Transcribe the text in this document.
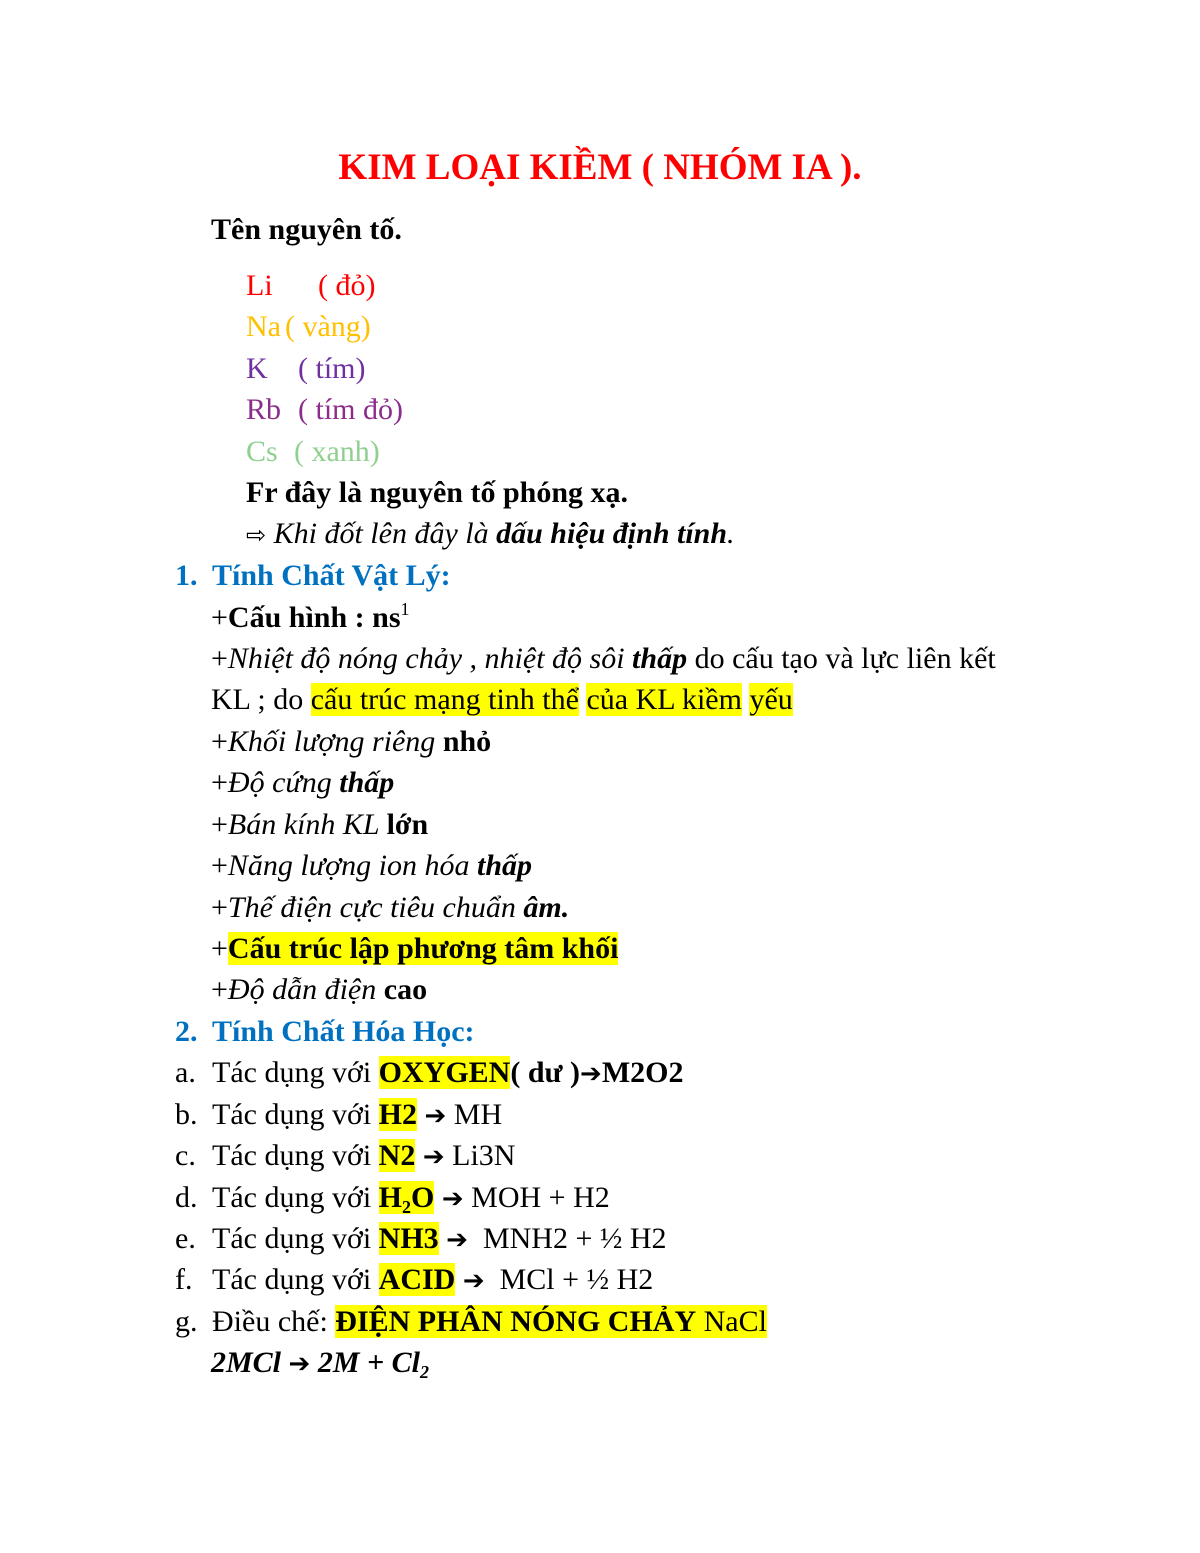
KIM LOẠI KIỀM ( NHÓM IA ).
Tên nguyên tố.
Li ( đỏ)
Na ( vàng)
K ( tím)
Rb ( tím đỏ)
Cs ( xanh)
Fr đây là nguyên tố phóng xạ.
⇨ Khi đốt lên đây là dấu hiệu định tính.
1. Tính Chất Vật Lý:
+Cấu hình : $ns^1$
+Nhiệt độ nóng chảy , nhiệt độ sôi thấp do cấu tạo và lực liên kết
KL ; do cấu trúc mạng tinh thể của KL kiềm yếu
+Khối lượng riêng nhỏ
+Độ cứng thấp
+Bán kính KL lớn
+Năng lượng ion hóa thấp
+Thế điện cực tiêu chuẩn âm.
+Cấu trúc lập phương tâm khối
+Độ dẫn điện cao
2. Tính Chất Hóa Học:
a. Tác dụng với OXYGEN( dư )➔M2O2
b. Tác dụng với H2 ➔ MH
c. Tác dụng với N2 ➔ Li3N
d. Tác dụng với $H_2O$ ➔ MOH + H2
e. Tác dụng với NH3 ➔ MNH2 + ½ H2
f. Tác dụng với ACID ➔ MCl + ½ H2
g. Điều chế: ĐIỆN PHÂN NÓNG CHẢY NaCl
2MCl ➔ $2M + Cl_2$
